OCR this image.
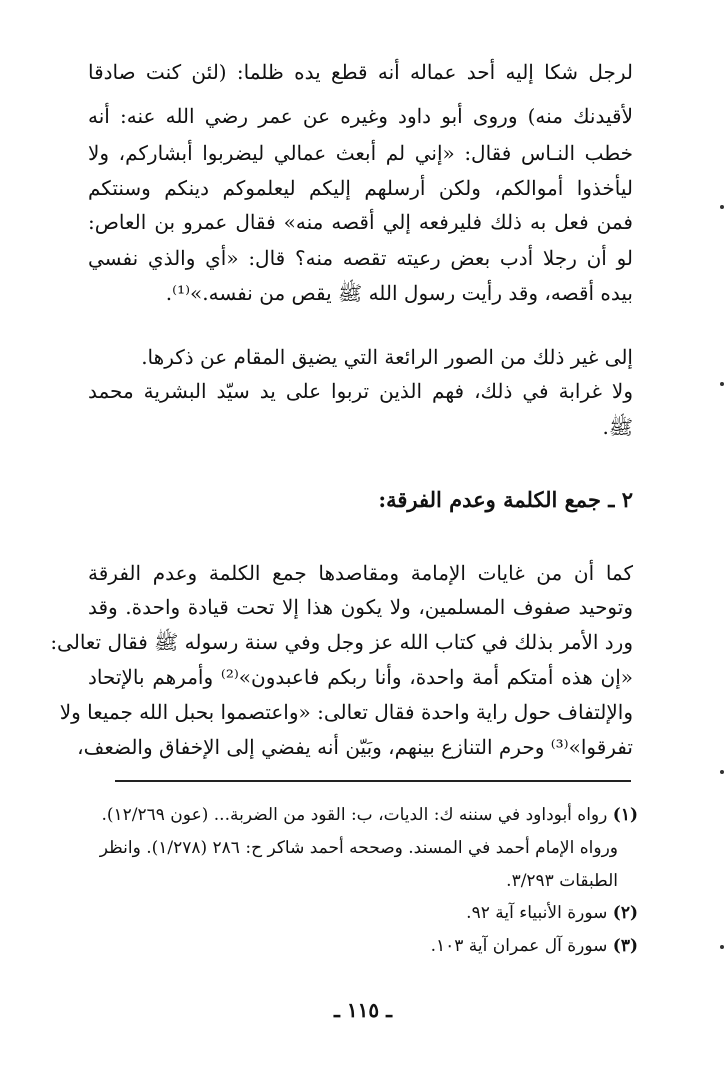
لرجل شكا إليه أحد عماله أنه قطع يده ظلما: (لئن كنت صادقا
لأقيدنك منه) وروى أبو داود وغيره عن عمر رضي الله عنه: أنه
خطب النـاس فقال: «إني لم أبعث عمالي ليضربوا أبشاركم، ولا
ليأخذوا أموالكم، ولكن أرسلهم إليكم ليعلموكم دينكم وسنتكم
فمن فعل به ذلك فليرفعه إلي أقصه منه» فقال عمرو بن العاص:
لو أن رجلا أدب بعض رعيته تقصه منه؟ قال: «أي والذي نفسي
بيده أقصه، وقد رأيت رسول الله ﷺ يقص من نفسه.»⁽¹⁾.
إلى غير ذلك من الصور الرائعة التي يضيق المقام عن ذكرها.
ولا غرابة في ذلك، فهم الذين تربوا على يد سيّد البشرية محمد
ﷺ.
٢ ـ جمع الكلمة وعدم الفرقة:
كما أن من غايات الإمامة ومقاصدها جمع الكلمة وعدم الفرقة
وتوحيد صفوف المسلمين، ولا يكون هذا إلا تحت قيادة واحدة. وقد
ورد الأمر بذلك في كتاب الله عز وجل وفي سنة رسوله ﷺ فقال تعالى:
«إن هذه أمتكم أمة واحدة، وأنا ربكم فاعبدون»⁽²⁾ وأمرهم بالإتحاد
والإلتفاف حول راية واحدة فقال تعالى: «واعتصموا بحبل الله جميعا ولا
تفرقوا»⁽³⁾ وحرم التنازع بينهم، وبَيّن أنه يفضي إلى الإخفاق والضعف،
(١) رواه أبوداود في سننه ك: الديات، ب: القود من الضربة... (عون ١٢/٢٦٩).
ورواه الإمام أحمد في المسند. وصححه أحمد شاكر ح: ٢٨٦ (١/٢٧٨). وانظر
الطبقات ٣/٢٩٣.
(٢) سورة الأنبياء آية ٩٢.
(٣) سورة آل عمران آية ١٠٣.
ـ ١١٥ ـ
